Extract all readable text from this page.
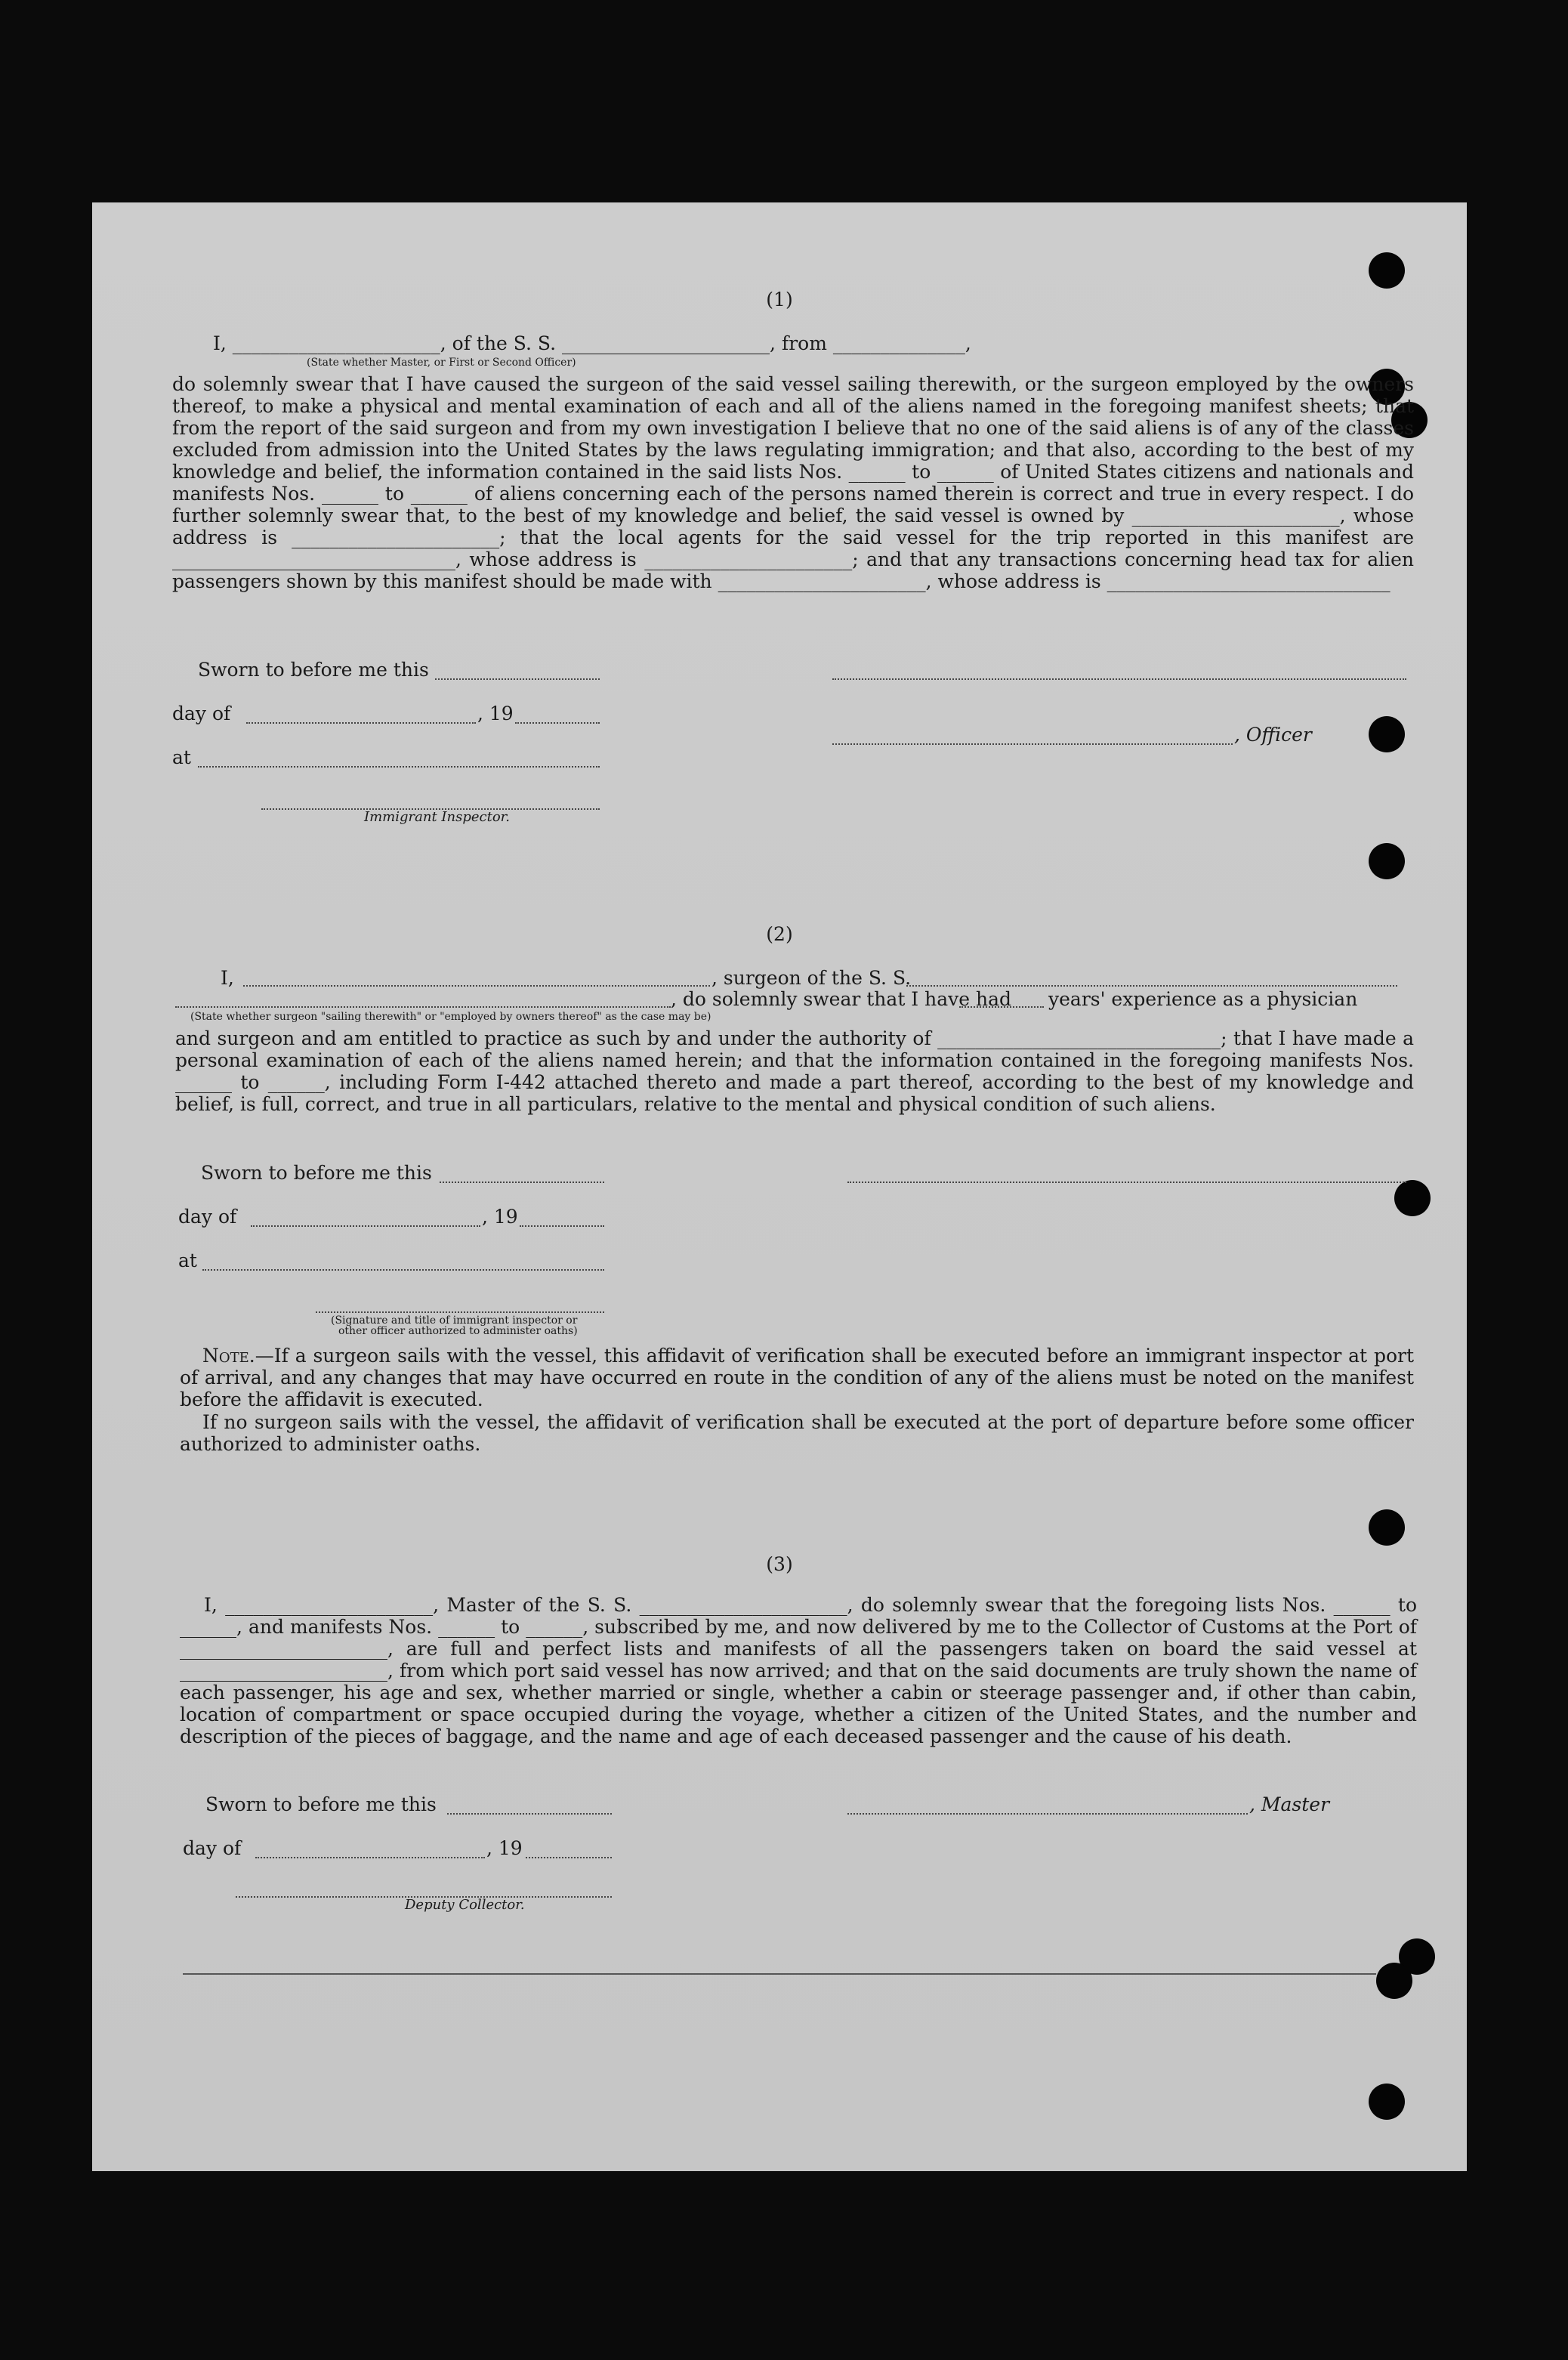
(1)
I, ______________________, of the S. S. ______________________, from ______________,
(State whether Master, or First or Second Officer)
do solemnly swear that I have caused the surgeon of the said vessel sailing therewith, or the surgeon employed by the owners thereof, to make a physical and mental examination of each and all of the aliens named in the foregoing manifest sheets; that from the report of the said surgeon and from my own investigation I believe that no one of the said aliens is of any of the classes excluded from admission into the United States by the laws regulating immigration; and that also, according to the best of my knowledge and belief, the information contained in the said lists Nos. ______ to ______ of United States citizens and nationals and manifests Nos. ______ to ______ of aliens concerning each of the persons named therein is correct and true in every respect. I do further solemnly swear that, to the best of my knowledge and belief, the said vessel is owned by ______________________, whose address is ______________________; that the local agents for the said vessel for the trip reported in this manifest are ______________________________, whose address is ______________________; and that any transactions concerning head tax for alien passengers shown by this manifest should be made with ______________________, whose address is ______________________________
Sworn to before me this
day of	, 19
, Officer
at
Immigrant Inspector.
(2)
I,	, surgeon of the S. S.
, do solemnly swear that I have had years' experience as a physician
(State whether surgeon "sailing therewith" or "employed by owners thereof" as the case may be)
and surgeon and am entitled to practice as such by and under the authority of ______________________________; that I have made a personal examination of each of the aliens named herein; and that the information contained in the foregoing manifests Nos. ______ to ______, including Form I-442 attached thereto and made a part thereof, according to the best of my knowledge and belief, is full, correct, and true in all particulars, relative to the mental and physical condition of such aliens.
Sworn to before me this
day of	, 19
at
(Signature and title of immigrant inspector or
other officer authorized to administer oaths)
Note.—If a surgeon sails with the vessel, this affidavit of verification shall be executed before an immigrant inspector at port of arrival, and any changes that may have occurred en route in the condition of any of the aliens must be noted on the manifest before the affidavit is executed.
If no surgeon sails with the vessel, the affidavit of verification shall be executed at the port of departure before some officer authorized to administer oaths.
(3)
I, ______________________, Master of the S. S. ______________________, do solemnly swear that the foregoing lists Nos. ______ to ______, and manifests Nos. ______ to ______, subscribed by me, and now delivered by me to the Collector of Customs at the Port of ______________________, are full and perfect lists and manifests of all the passengers taken on board the said vessel at ______________________, from which port said vessel has now arrived; and that on the said documents are truly shown the name of each passenger, his age and sex, whether married or single, whether a cabin or steerage passenger and, if other than cabin, location of compartment or space occupied during the voyage, whether a citizen of the United States, and the number and description of the pieces of baggage, and the name and age of each deceased passenger and the cause of his death.
Sworn to before me this	, Master
day of	, 19
Deputy Collector.
